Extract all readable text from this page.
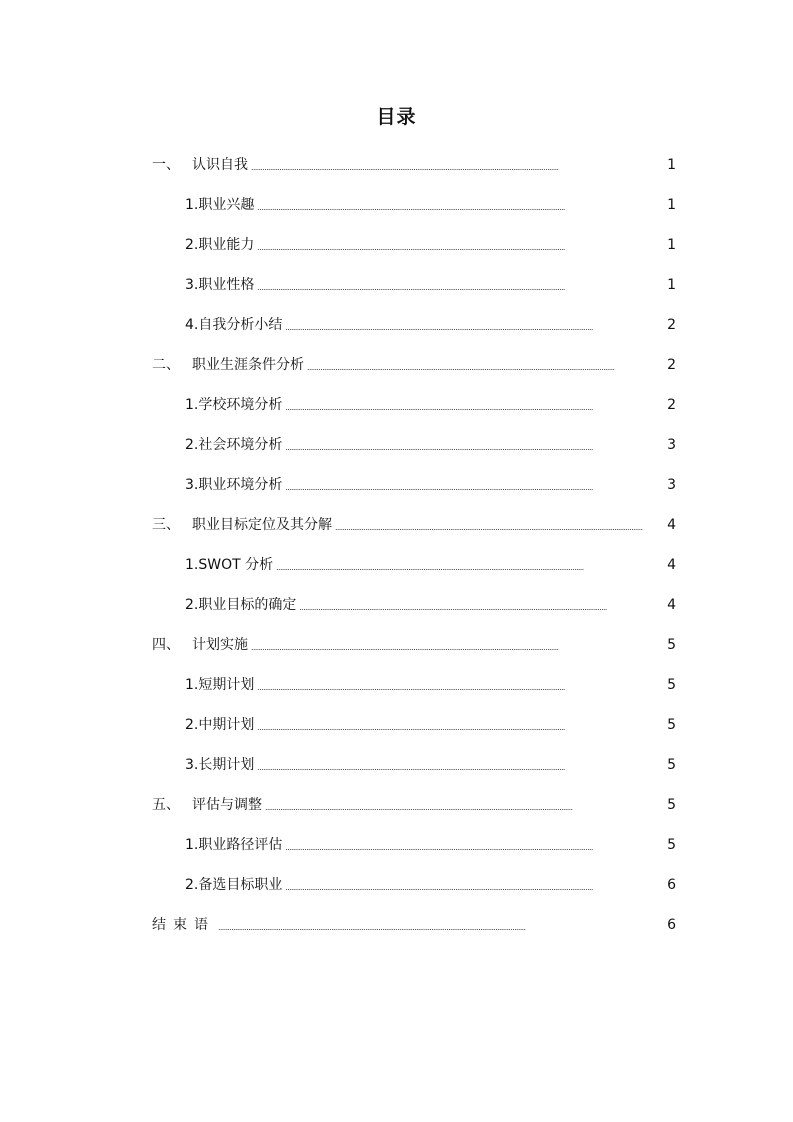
目录
一、 认识自我 . . .	1
1.职业兴趣 . . .	1
2.职业能力 . . .	1
3.职业性格 . . .	1
4.自我分析小结 . . .	2
二、 职业生涯条件分析 . . .	2
1.学校环境分析 . . .	2
2.社会环境分析 . . .	3
3.职业环境分析 . . .	3
三、 职业目标定位及其分解 . . .	4
1.SWOT 分析 . . .	4
2.职业目标的确定 . . .	4
四、 计划实施 . . .	5
1.短期计划 . . .	5
2.中期计划 . . .	5
3.长期计划 . . .	5
五、 评估与调整 . . .	5
1.职业路径评估 . . .	5
2.备选目标职业 . . .	6
结束语 . . .	6
